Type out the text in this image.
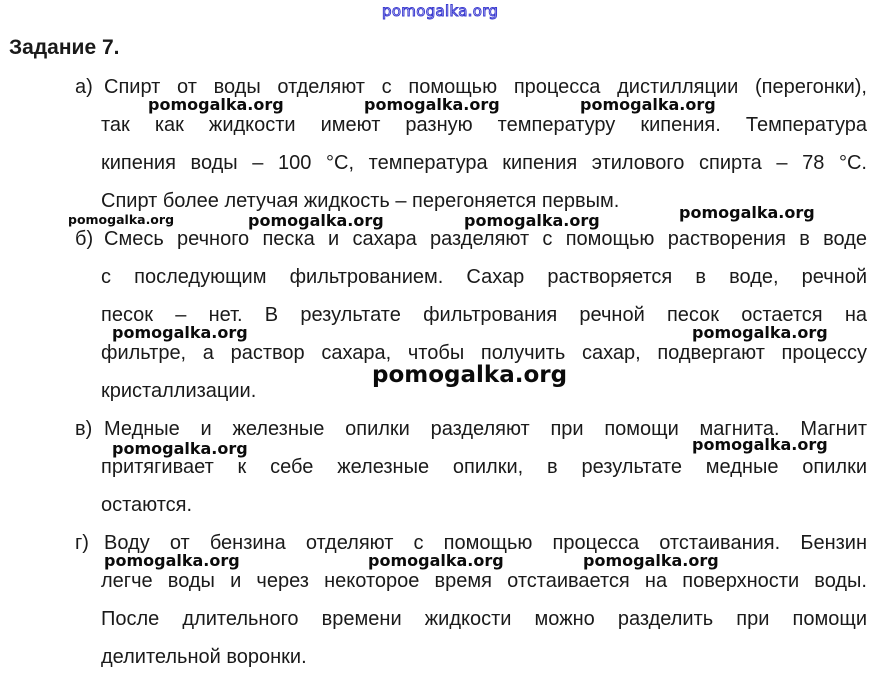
pomogalka.org
Задание 7.
а) Спирт от воды отделяют с помощью процесса дистилляции (перегонки),
так как жидкости имеют разную температуру кипения. Температура
кипения воды – 100 °C, температура кипения этилового спирта – 78 °C.
Спирт более летучая жидкость – перегоняется первым.
б) Смесь речного песка и сахара разделяют с помощью растворения в воде
с последующим фильтрованием. Сахар растворяется в воде, речной
песок – нет. В результате фильтрования речной песок остается на
фильтре, а раствор сахара, чтобы получить сахар, подвергают процессу
кристаллизации.
в) Медные и железные опилки разделяют при помощи магнита. Магнит
притягивает к себе железные опилки, в результате медные опилки
остаются.
г) Воду от бензина отделяют с помощью процесса отстаивания. Бензин
легче воды и через некоторое время отстаивается на поверхности воды.
После длительного времени жидкости можно разделить при помощи
делительной воронки.
pomogalka.org	pomogalka.org	pomogalka.org
pomogalka.org
pomogalka.org	pomogalka.org	pomogalka.org
pomogalka.org	pomogalka.org
pomogalka.org
pomogalka.org
pomogalka.org
pomogalka.org	pomogalka.org	pomogalka.org
